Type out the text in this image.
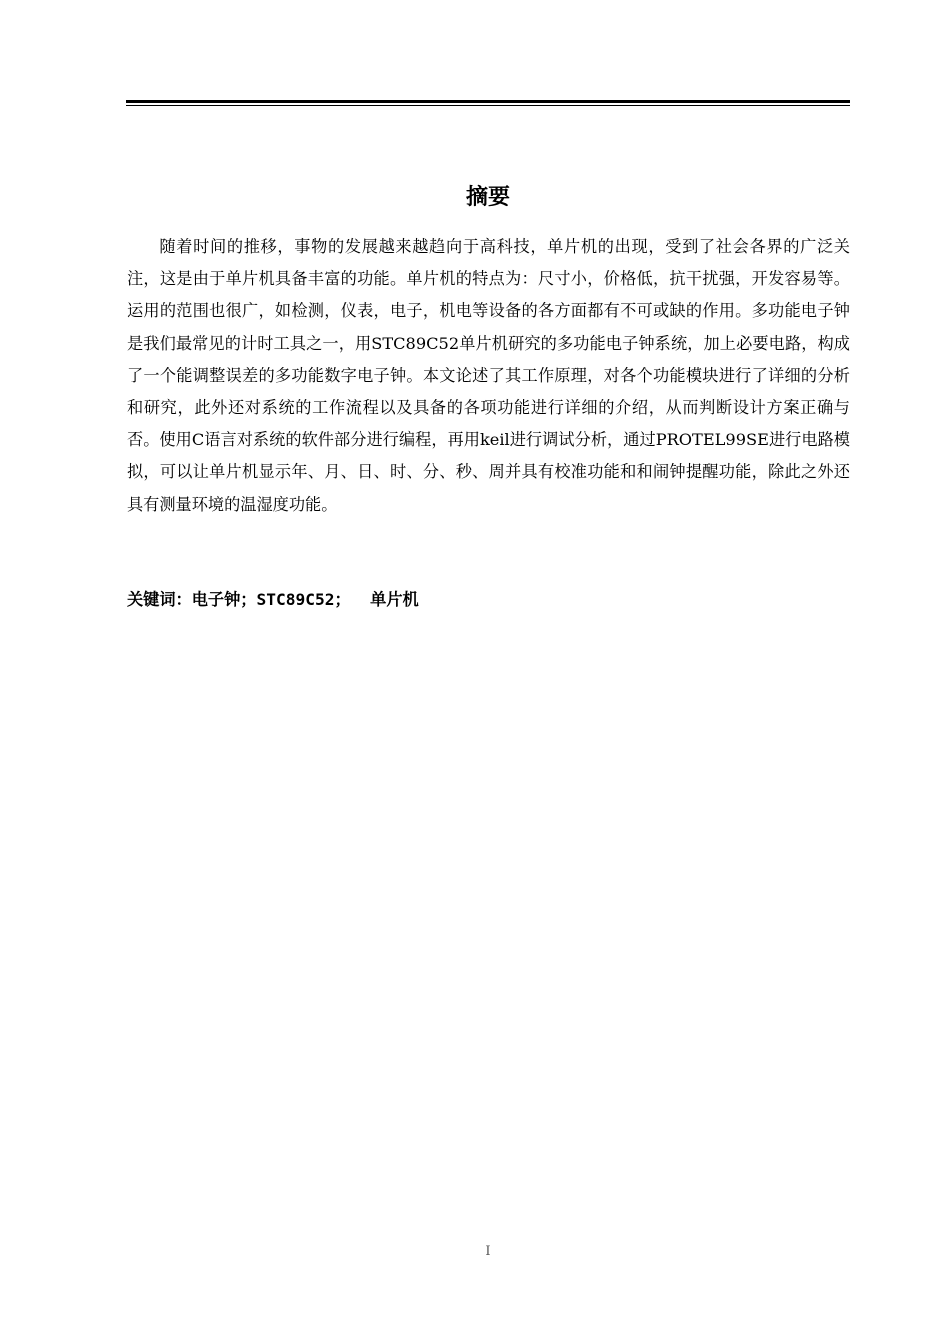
摘要

随着时间的推移，事物的发展越来越趋向于高科技，单片机的出现，受到了社会各界的广泛关注，这是由于单片机具备丰富的功能。单片机的特点为：尺寸小，价格低，抗干扰强，开发容易等。运用的范围也很广，如检测，仪表，电子，机电等设备的各方面都有不可或缺的作用。多功能电子钟是我们最常见的计时工具之一，用STC89C52单片机研究的多功能电子钟系统，加上必要电路，构成了一个能调整误差的多功能数字电子钟。本文论述了其工作原理，对各个功能模块进行了详细的分析和研究，此外还对系统的工作流程以及具备的各项功能进行详细的介绍，从而判断设计方案正确与否。使用C语言对系统的软件部分进行编程，再用keil进行调试分析，通过PROTEL99SE进行电路模拟，可以让单片机显示年、月、日、时、分、秒、周并具有校准功能和和闹钟提醒功能，除此之外还具有测量环境的温湿度功能。

关键词：电子钟；STC89C52；  单片机
I
